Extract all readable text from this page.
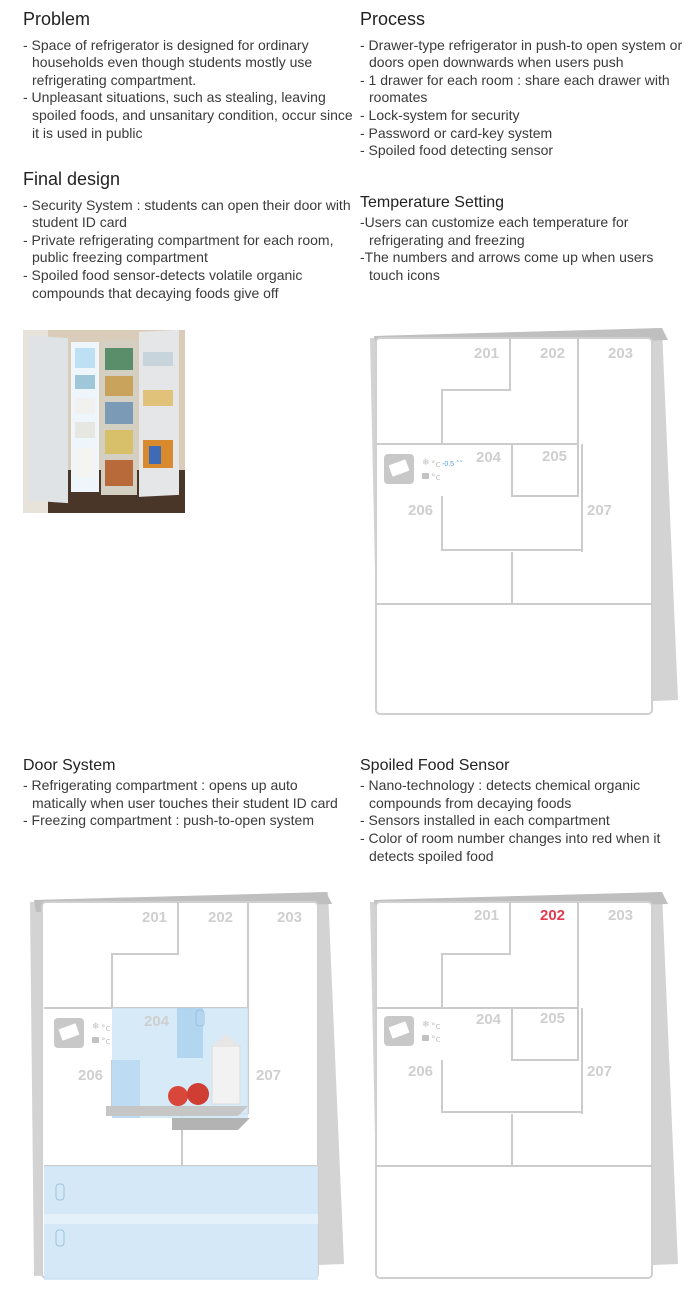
Problem
- Space of refrigerator is designed for ordinary households even though students mostly use refrigerating compartment.
- Unpleasant situations, such as stealing, leaving spoiled foods, and unsanitary condition, occur since it is used in public
Process
- Drawer-type refrigerator in push-to open system or doors open downwards when users push
- 1 drawer for each room : share each drawer with roomates
- Lock-system for security
- Password or card-key system
- Spoiled food detecting sensor
Final design
- Security System : students can open their door with student ID card
- Private refrigerating compartment for each room, public freezing compartment
- Spoiled food sensor-detects volatile organic compounds that decaying foods give off
Temperature Setting
-Users can customize each temperature for refrigerating and freezing
-The numbers and arrows come up when users touch icons
Door System
- Refrigerating compartment : opens up auto matically when user touches their student ID card
- Freezing compartment : push-to-open system
Spoiled Food Sensor
- Nano-technology : detects chemical organic compounds from decaying foods
- Sensors installed in each compartment
- Color of room number changes into red when it detects spoiled food
201	202	203
204	205
206	207
❄ °c -0.5 ˄˅
°c
201	202	203
204
206	207
❄ °c
°c
201	202	203
204	205
206	207
❄ °c
°c
